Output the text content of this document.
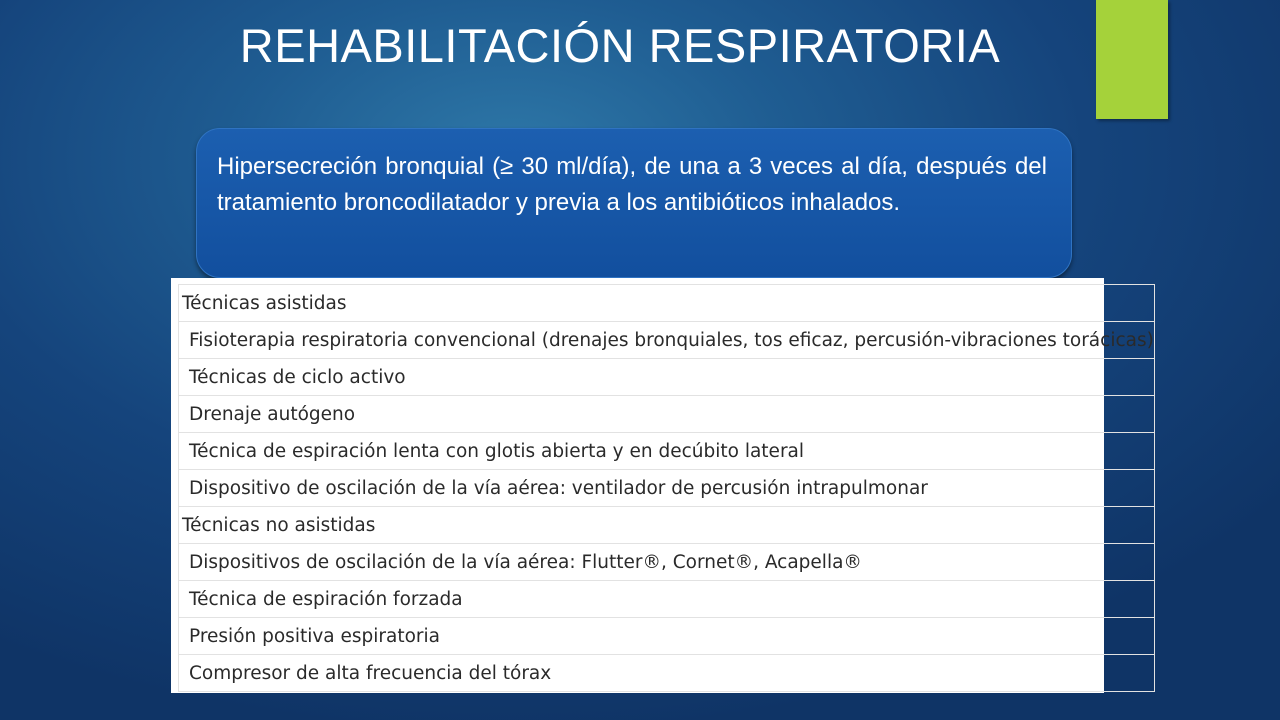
REHABILITACIÓN RESPIRATORIA
Hipersecreción bronquial (≥ 30 ml/día), de una a 3 veces al día, después del tratamiento broncodilatador y previa a los antibióticos inhalados.
Técnicas asistidas
Fisioterapia respiratoria convencional (drenajes bronquiales, tos eficaz, percusión-vibraciones torácicas)
Técnicas de ciclo activo
Drenaje autógeno
Técnica de espiración lenta con glotis abierta y en decúbito lateral
Dispositivo de oscilación de la vía aérea: ventilador de percusión intrapulmonar
Técnicas no asistidas
Dispositivos de oscilación de la vía aérea: Flutter®, Cornet®, Acapella®
Técnica de espiración forzada
Presión positiva espiratoria
Compresor de alta frecuencia del tórax
